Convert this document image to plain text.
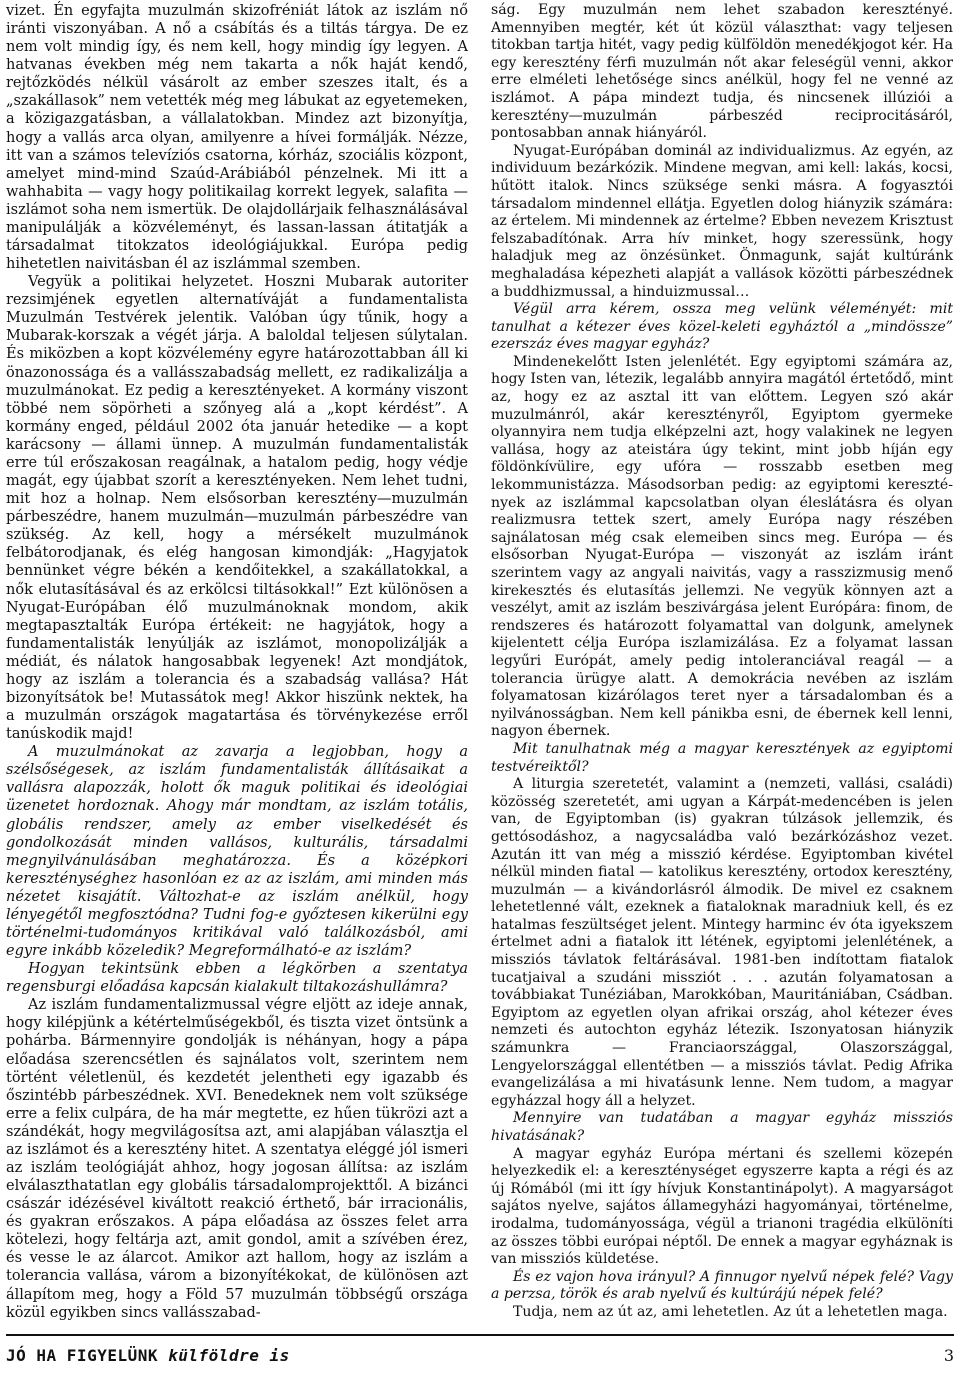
vizet. Én egyfajta muzulmán skizofréniát látok az iszlám nő iránti viszonyában. A nő a csábítás és a tiltás tárgya. De ez nem volt mindig így, és nem kell, hogy mindig így legyen. A hatvanas években még nem takarta a nők haját kendő, rejtőzködés nélkül vásárolt az ember szeszes italt, és a „szakállasok” nem vetették még meg lábukat az egyetemeken, a közigazgatásban, a vállalatokban. Mindez azt bizonyítja, hogy a vallás arca olyan, amilyenre a hívei formálják. Nézze, itt van a számos televíziós csatorna, kórház, szociális központ, amelyet mind-mind Szaúd-Arábiából pénzelnek. Mi itt a wahhabita — vagy hogy politikailag korrekt legyek, salafita — iszlámot soha nem ismertük. De olajdollárjaik felhasználásával manipulálják a közvéleményt, és lassan-lassan átitatják a társadalmat titokzatos ideológiájukkal. Európa pedig hihetetlen naivitásban él az iszlámmal szemben.

Vegyük a politikai helyzetet. Hoszni Mubarak autoriter rezsimjének egyetlen alternatíváját a fundamentalista Muzulmán Testvérek jelentik. Valóban úgy tűnik, hogy a Mubarak-korszak a végét járja. A baloldal teljesen súlytalan. És miközben a kopt közvélemény egyre határozottabban áll ki önazonossága és a vallásszabadság mellett, ez radikalizálja a muzulmánokat. Ez pedig a keresztényeket. A kormány viszont többé nem söpörheti a szőnyeg alá a „kopt kérdést”. A kormány enged, például 2002 óta január hetedike — a kopt karácsony — állami ünnep. A muzulmán fundamentalisták erre túl erőszakosan reagálnak, a hatalom pedig, hogy védje magát, egy újabbat szorít a keresztényeken. Nem lehet tudni, mit hoz a holnap. Nem elsősorban keresztény—muzulmán párbeszédre, hanem muzulmán—muzulmán párbeszédre van szükség. Az kell, hogy a mérsékelt muzulmánok felbátorodjanak, és elég hangosan kimondják: „Hagyjatok bennünket végre békén a kendőitekkel, a szakállatokkal, a nők elutasításával és az erkölcsi tiltásokkal!” Ezt különösen a Nyugat-Európában élő muzulmánoknak mondom, akik megtapasztalták Európa értékeit: ne hagyjátok, hogy a fundamentalisták lenyúlják az iszlámot, monopolizálják a médiát, és nálatok hangosabbak legyenek! Azt mondjátok, hogy az iszlám a tolerancia és a szabadság vallása? Hát bizonyítsátok be! Mutassátok meg! Akkor hiszünk nektek, ha a muzulmán országok magatartása és törvénykezése erről tanúskodik majd!

A muzulmánokat az zavarja a legjobban, hogy a szélsőségesek, az iszlám fundamentalisták állításaikat a vallásra alapozzák, holott ők maguk politikai és ideológiai üzenetet hordoznak. Ahogy már mondtam, az iszlám totális, globális rendszer, amely az ember viselkedését és gondolkozását minden vallásos, kulturális, társadalmi megnyilvánulásában meghatározza. És a középkori kereszténységhez hasonlóan ez az az iszlám, ami minden más nézetet kisajátít. Változhat-e az iszlám anélkül, hogy lényegétől megfosztódna? Tudni fog-e győztesen kikerülni egy történelmi-tudományos kritikával való találkozásból, ami egyre inkább közeledik? Megreformálható-e az iszlám?

Hogyan tekintsünk ebben a légkörben a szentatya regensburgi előadása kapcsán kialakult tiltakozáshullámra?

Az iszlám fundamentalizmussal végre eljött az ideje annak, hogy kilépjünk a kétértelműségekből, és tiszta vizet öntsünk a pohárba. Bármennyire gondolják is néhányan, hogy a pápa előadása szerencsétlen és sajnálatos volt, szerintem nem történt véletlenül, és kezdetét jelentheti egy igazabb és őszintébb párbeszédnek. XVI. Benedeknek nem volt szüksége erre a felix culpára, de ha már megtette, ez hűen tükrözi azt a szándékát, hogy megvilágosítsa azt, ami alapjában választja el az iszlámot és a keresztény hitet. A szentatya eléggé jól ismeri az iszlám teológiáját ahhoz, hogy jogosan állítsa: az iszlám elválaszthatatlan egy globális társadalomprojekttől. A bizánci császár idézésével kiváltott reakció érthető, bár irracionális, és gyakran erőszakos. A pápa előadása az összes felet arra kötelezi, hogy feltárja azt, amit gondol, amit a szívében érez, és vesse le az álarcot. Amikor azt hallom, hogy az iszlám a tolerancia vallása, várom a bizonyítékokat, de különösen azt állapítom meg, hogy a Föld 57 muzulmán többségű országa közül egyikben sincs vallásszabad-

ság. Egy muzulmán nem lehet szabadon keresztényé. Amennyiben megtér, két út közül választhat: vagy teljesen titokban tartja hitét, vagy pedig külföldön menedékjogot kér. Ha egy keresztény férfi muzulmán nőt akar feleségül venni, akkor erre elméleti lehetősége sincs anélkül, hogy fel ne venné az iszlámot. A pápa mindezt tudja, és nincsenek illúziói a keresztény—muzulmán párbeszéd reciprocitásáról, pontosabban annak hiányáról.

Nyugat-Európában dominál az individualizmus. Az egyén, az individuum bezárkózik. Mindene megvan, ami kell: lakás, kocsi, hűtött italok. Nincs szüksége senki másra. A fogyasztói társadalom mindennel ellátja. Egyetlen dolog hiányzik számára: az értelem. Mi mindennek az értelme? Ebben nevezem Krisztust felszabadítónak. Arra hív minket, hogy szeressünk, hogy haladjuk meg az önzésünket. Önmagunk, saját kultúránk meghaladása képezheti alapját a vallások közötti párbeszédnek a buddhizmussal, a hinduizmussal…

Végül arra kérem, ossza meg velünk véleményét: mit tanulhat a kétezer éves közel-keleti egyháztól a „mindössze” ezerszáz éves magyar egyház?

Mindenekelőtt Isten jelenlétét. Egy egyiptomi számára az, hogy Isten van, létezik, legalább annyira magától értetődő, mint az, hogy ez az asztal itt van előttem. Legyen szó akár muzulmánról, akár keresztényről, Egyiptom gyermeke olyannyira nem tudja elképzelni azt, hogy valakinek ne legyen vallása, hogy az ateistára úgy tekint, mint jobb híján egy földönkívülire, egy ufóra — rosszabb esetben meg lekommunistázza. Másodsorban pedig: az egyiptomi keresztények az iszlámmal kapcsolatban olyan éleslátásra és olyan realizmusra tettek szert, amely Európa nagy részében sajnálatosan még csak elemeiben sincs meg. Európa — és elsősorban Nyugat-Európa — viszonyát az iszlám iránt szerintem vagy az angyali naivitás, vagy a rasszizmusig menő kirekesztés és elutasítás jellemzi. Ne vegyük könnyen azt a veszélyt, amit az iszlám beszivárgása jelent Európára: finom, de rendszeres és határozott folyamattal van dolgunk, amelynek kijelentett célja Európa iszlamizálása. Ez a folyamat lassan legyűri Európát, amely pedig intoleranciával reagál — a tolerancia ürügye alatt. A demokrácia nevében az iszlám folyamatosan kizárólagos teret nyer a társadalomban és a nyilvánosságban. Nem kell pánikba esni, de ébernek kell lenni, nagyon ébernek.

Mit tanulhatnak még a magyar keresztények az egyiptomi testvéreiktől?

A liturgia szeretetét, valamint a (nemzeti, vallási, családi) közösség szeretetét, ami ugyan a Kárpát-medencében is jelen van, de Egyiptomban (is) gyakran túlzások jellemzik, és gettósodáshoz, a nagycsaládba való bezárkózáshoz vezet. Azután itt van még a misszió kérdése. Egyiptomban kivétel nélkül minden fiatal — katolikus keresztény, ortodox keresztény, muzulmán — a kivándorlásról álmodik. De mivel ez csaknem lehetetlenné vált, ezeknek a fiataloknak maradniuk kell, és ez hatalmas feszültséget jelent. Mintegy harminc év óta igyekszem értelmet adni a fiatalok itt létének, egyiptomi jelenlétének, a missziós távlatok feltárásával. 1981-ben indítottam fiatalok tucatjaival a szudáni missziót . . . azután folyamatosan a továbbiakat Tunéziában, Marokkóban, Mauritániában, Csádban. Egyiptom az egyetlen olyan afrikai ország, ahol kétezer éves nemzeti és autochton egyház létezik. Iszonyatosan hiányzik számunkra — Franciaországgal, Olaszországgal, Lengyelországgal ellentétben — a missziós távlat. Pedig Afrika evangelizálása a mi hivatásunk lenne. Nem tudom, a magyar egyházzal hogy áll a helyzet.

Mennyire van tudatában a magyar egyház missziós hivatásának?

A magyar egyház Európa mértani és szellemi közepén helyezkedik el: a kereszténységet egyszerre kapta a régi és az új Rómából (mi itt így hívjuk Konstantinápolyt). A magyarságot sajátos nyelve, sajátos államegyházi hagyományai, történelme, irodalma, tudományossága, végül a trianoni tragédia elkülöníti az összes többi európai néptől. De ennek a magyar egyháznak is van missziós küldetése.

És ez vajon hova irányul? A finnugor nyelvű népek felé? Vagy a perzsa, török és arab nyelvű és kultúrájú népek felé?

Tudja, nem az út az, ami lehetetlen. Az út a lehetetlen maga.

JÓ HA FIGYELÜNK külföldre is	3
